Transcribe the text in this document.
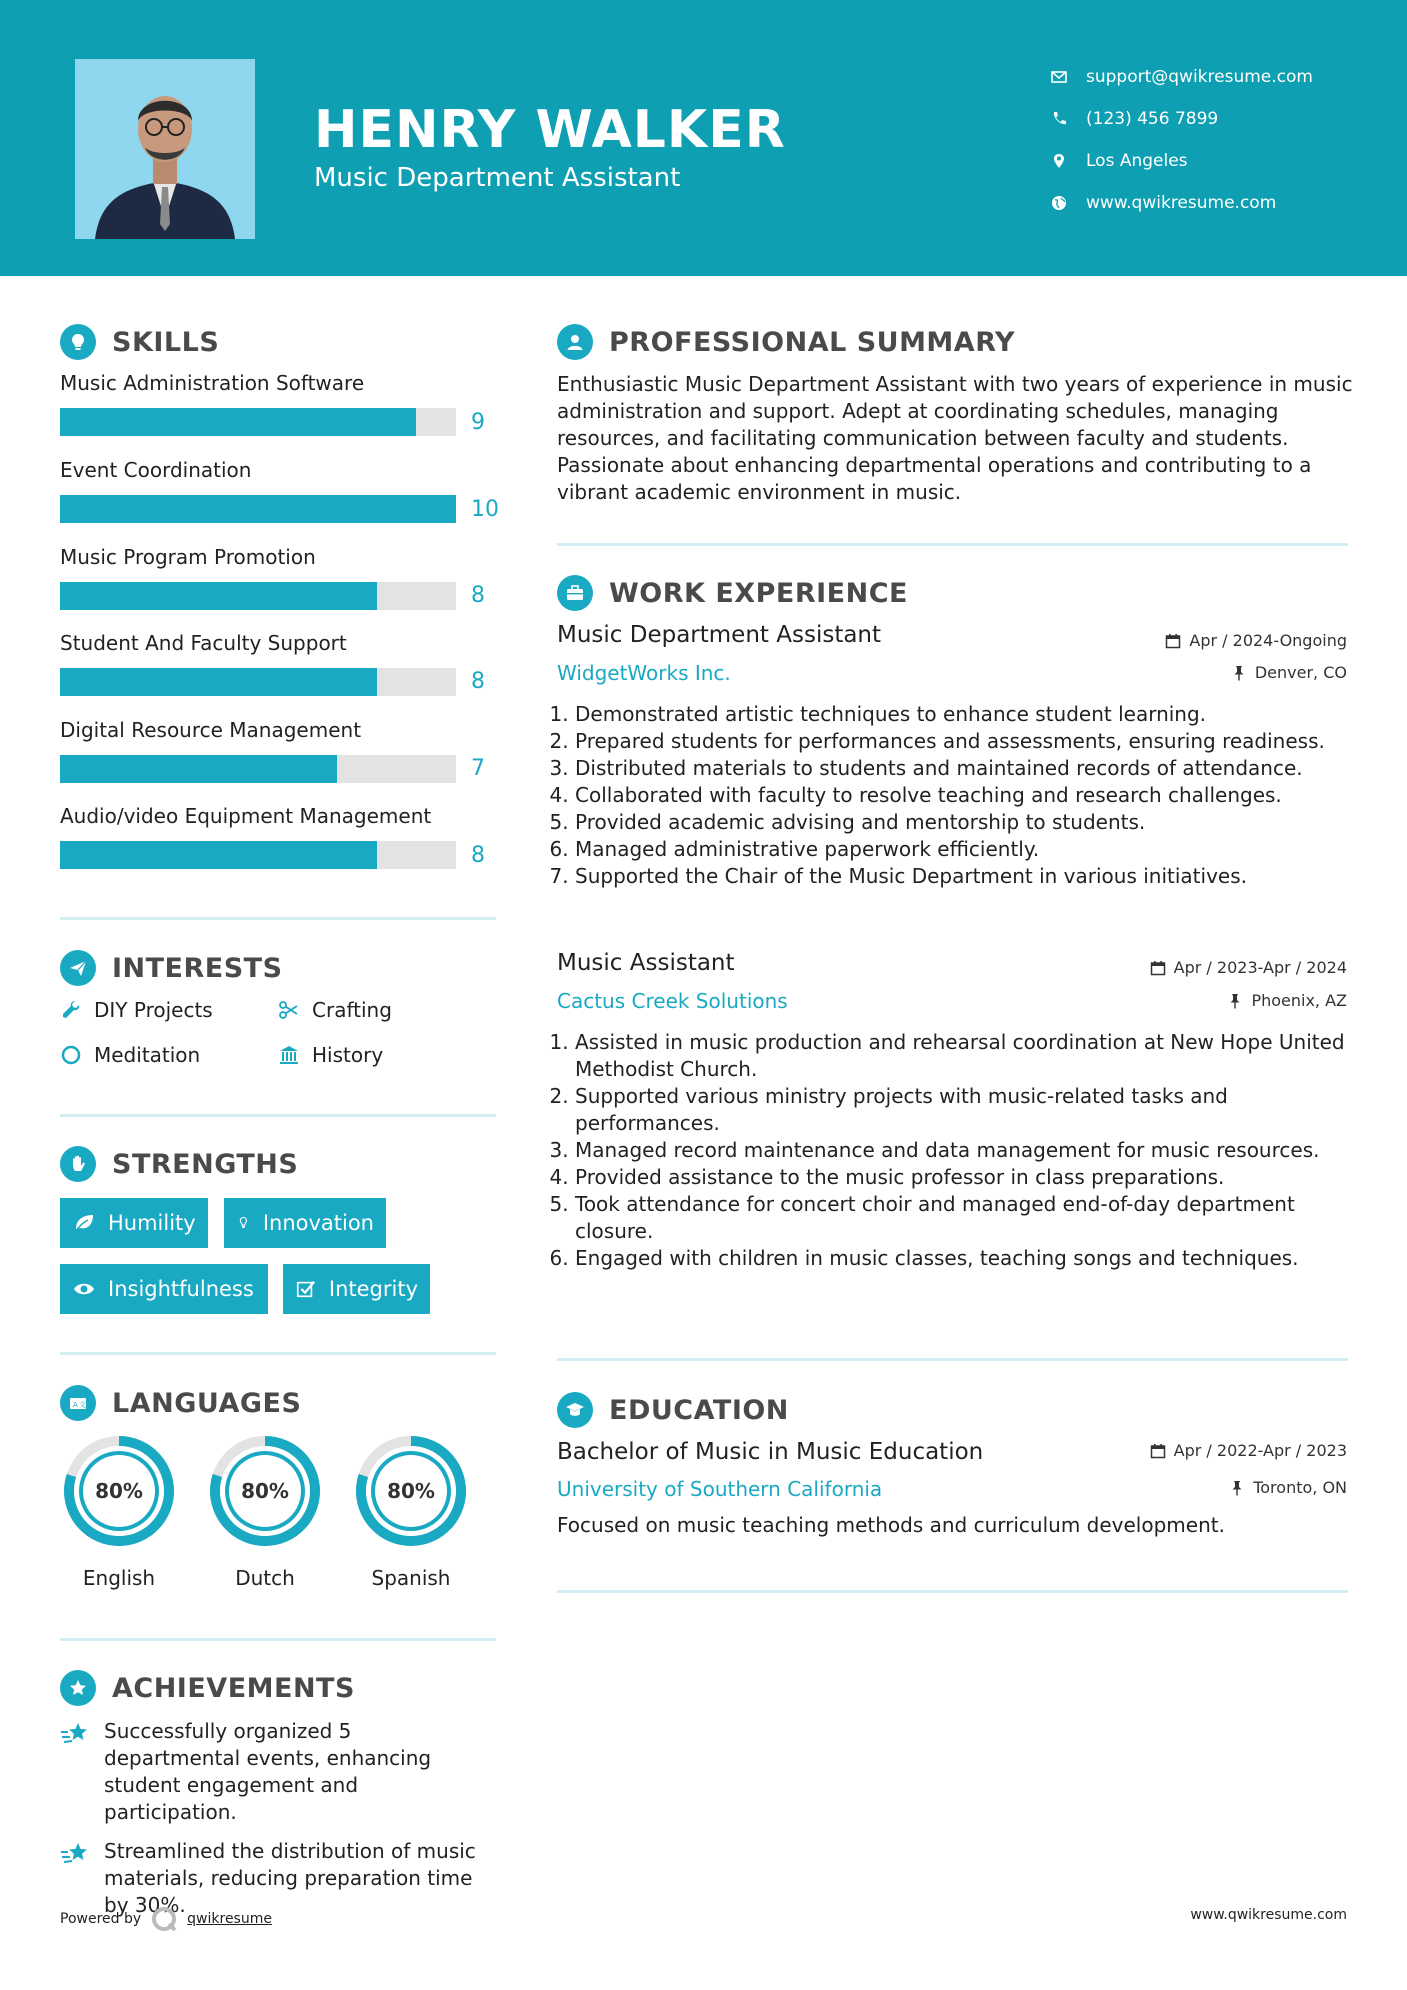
HENRY WALKER
Music Department Assistant
support@qwikresume.com
(123) 456 7899
Los Angeles
www.qwikresume.com
SKILLS
Music Administration Software
9
Event Coordination
10
Music Program Promotion
8
Student And Faculty Support
8
Digital Resource Management
7
Audio/video Equipment Management
8
INTERESTS
DIY Projects	Crafting
Meditation	History
STRENGTHS
Humility	Innovation
Insightfulness	Integrity
A 文 LANGUAGES
80%
English
80%
Dutch
80%
Spanish
ACHIEVEMENTS
Successfully organized 5 departmental events, enhancing student engagement and participation.
Streamlined the distribution of music materials, reducing preparation time by 30%.
PROFESSIONAL SUMMARY
Enthusiastic Music Department Assistant with two years of experience in music administration and support. Adept at coordinating schedules, managing resources, and facilitating communication between faculty and students. Passionate about enhancing departmental operations and contributing to a vibrant academic environment in music.
WORK EXPERIENCE
Music Department Assistant	Apr / 2024-Ongoing
WidgetWorks Inc.	Denver, CO
1. Demonstrated artistic techniques to enhance student learning.
2. Prepared students for performances and assessments, ensuring readiness.
3. Distributed materials to students and maintained records of attendance.
4. Collaborated with faculty to resolve teaching and research challenges.
5. Provided academic advising and mentorship to students.
6. Managed administrative paperwork efficiently.
7. Supported the Chair of the Music Department in various initiatives.
Music Assistant	Apr / 2023-Apr / 2024
Cactus Creek Solutions	Phoenix, AZ
1. Assisted in music production and rehearsal coordination at New Hope United Methodist Church.
2. Supported various ministry projects with music-related tasks and performances.
3. Managed record maintenance and data management for music resources.
4. Provided assistance to the music professor in class preparations.
5. Took attendance for concert choir and managed end-of-day department closure.
6. Engaged with children in music classes, teaching songs and techniques.
EDUCATION
Bachelor of Music in Music Education	Apr / 2022-Apr / 2023
University of Southern California	Toronto, ON
Focused on music teaching methods and curriculum development.
Powered by	qwikresume	www.qwikresume.com
